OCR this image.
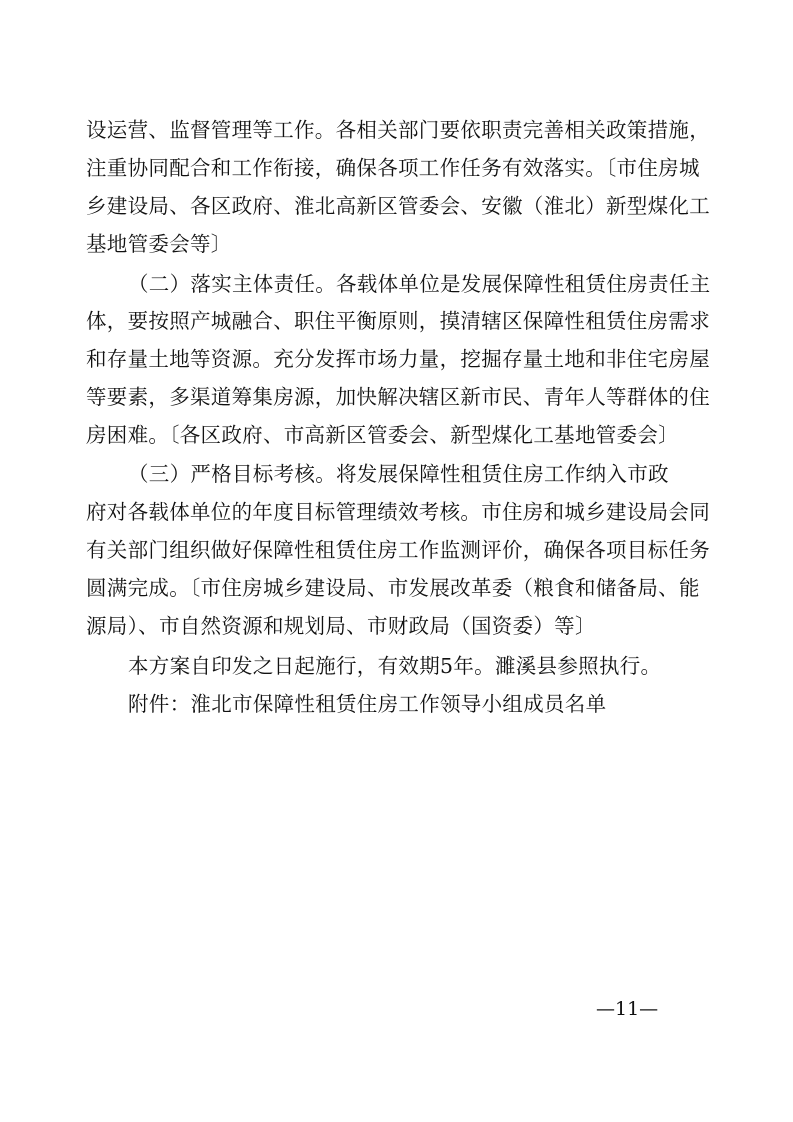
设运营、监督管理等工作。各相关部门要依职责完善相关政策措施，
注重协同配合和工作衔接，确保各项工作任务有效落实。〔市住房城
乡建设局、各区政府、淮北高新区管委会、安徽（淮北）新型煤化工
基地管委会等〕
（二）落实主体责任。各载体单位是发展保障性租赁住房责任主
体，要按照产城融合、职住平衡原则，摸清辖区保障性租赁住房需求
和存量土地等资源。充分发挥市场力量，挖掘存量土地和非住宅房屋
等要素，多渠道筹集房源，加快解决辖区新市民、青年人等群体的住
房困难。〔各区政府、市高新区管委会、新型煤化工基地管委会〕
（三）严格目标考核。将发展保障性租赁住房工作纳入市政
府对各载体单位的年度目标管理绩效考核。市住房和城乡建设局会同
有关部门组织做好保障性租赁住房工作监测评价，确保各项目标任务
圆满完成。〔市住房城乡建设局、市发展改革委（粮食和储备局、能
源局）、市自然资源和规划局、市财政局（国资委）等〕
本方案自印发之日起施行，有效期5年。濉溪县参照执行。
附件：淮北市保障性租赁住房工作领导小组成员名单
—11—
